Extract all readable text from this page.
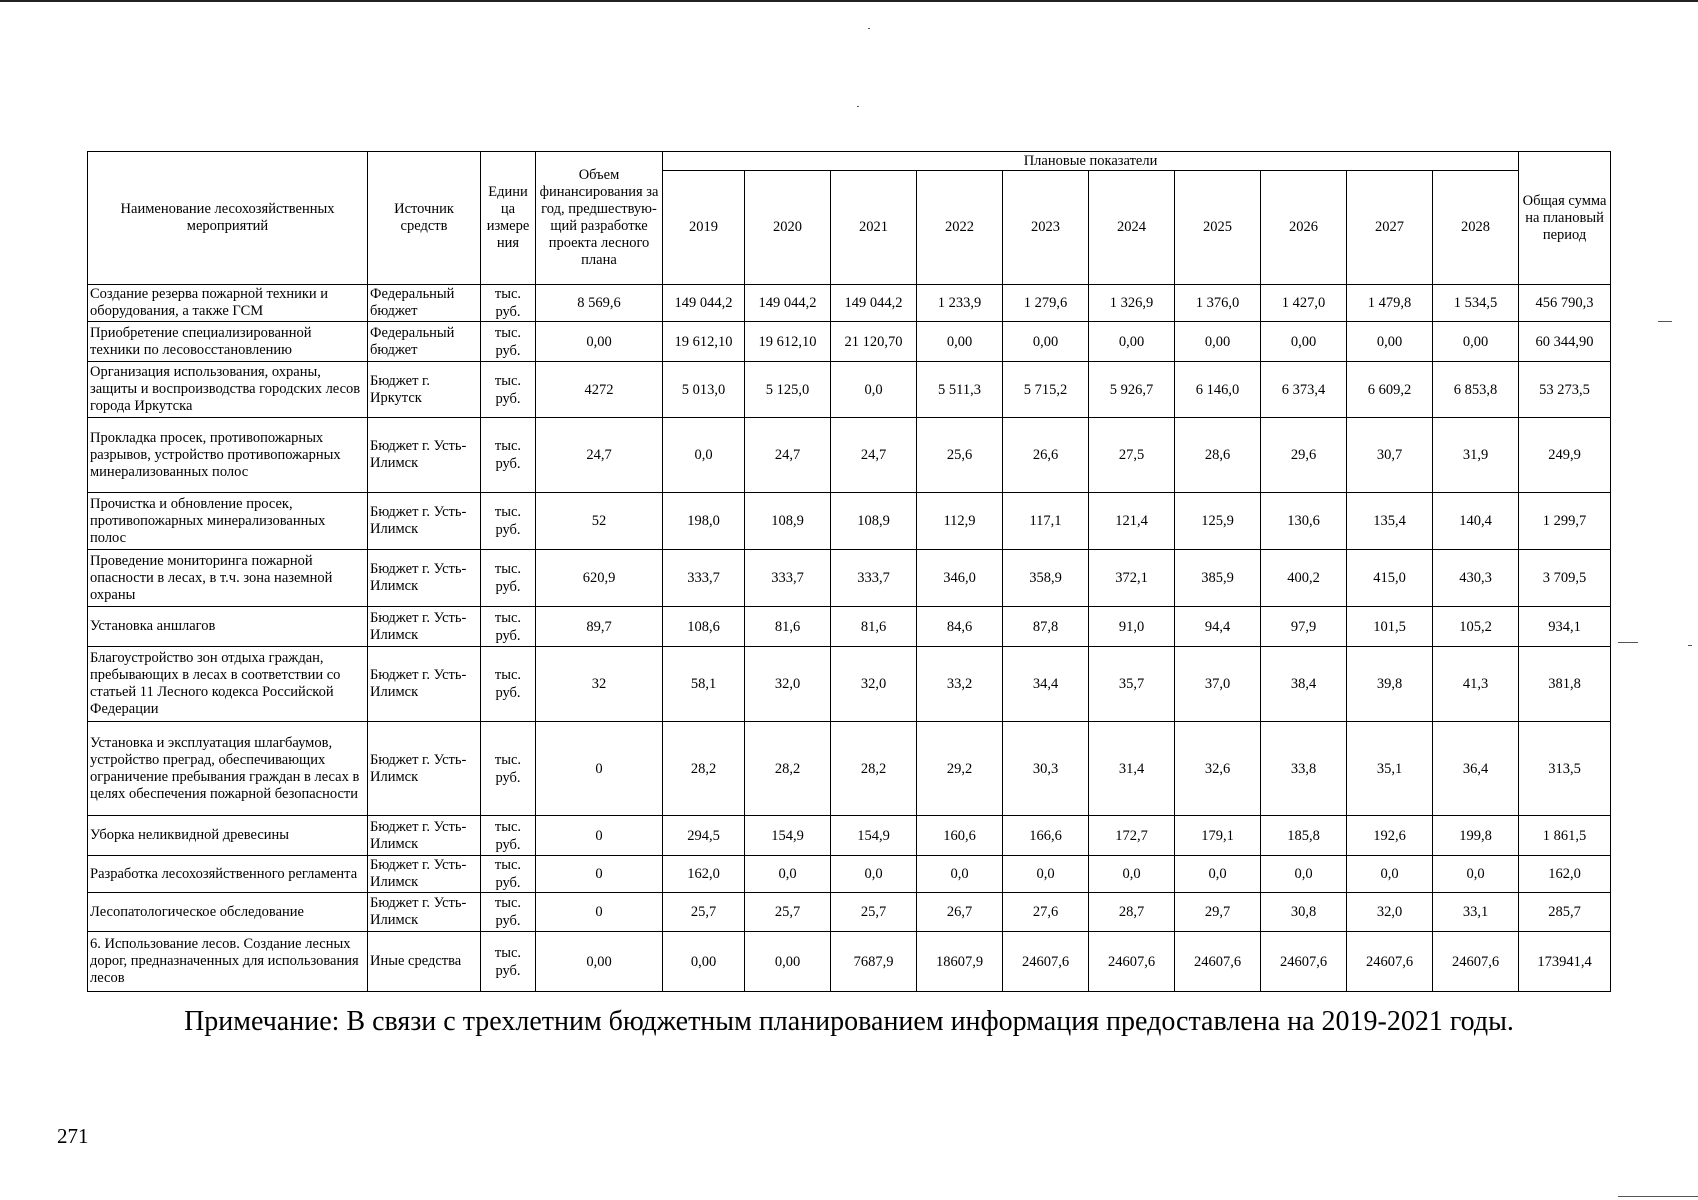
Наименование лесохозяйственных мероприятий	Источник средств	Едини ца измере ния	Объем финансирования за год, предшествую- щий разработке проекта лесного плана	Плановые показатели										Общая сумма на плановый период
				2019	2020	2021	2022	2023	2024	2025	2026	2027	2028	
Создание резерва пожарной техники и оборудования, а также ГСМ	Федеральный бюджет	тыс. руб.	8 569,6	149 044,2	149 044,2	149 044,2	1 233,9	1 279,6	1 326,9	1 376,0	1 427,0	1 479,8	1 534,5	456 790,3
Приобретение специализированной техники по лесовосстановлению	Федеральный бюджет	тыс. руб.	0,00	19 612,10	19 612,10	21 120,70	0,00	0,00	0,00	0,00	0,00	0,00	0,00	60 344,90
Организация использования, охраны, защиты и воспроизводства городских лесов города Иркутска	Бюджет г. Иркутск	тыс. руб.	4272	5 013,0	5 125,0	0,0	5 511,3	5 715,2	5 926,7	6 146,0	6 373,4	6 609,2	6 853,8	53 273,5
Прокладка просек, противопожарных разрывов, устройство противопожарных минерализованных полос	Бюджет г. Усть-Илимск	тыс. руб.	24,7	0,0	24,7	24,7	25,6	26,6	27,5	28,6	29,6	30,7	31,9	249,9
Прочистка и обновление просек, противопожарных минерализованных полос	Бюджет г. Усть-Илимск	тыс. руб.	52	198,0	108,9	108,9	112,9	117,1	121,4	125,9	130,6	135,4	140,4	1 299,7
Проведение мониторинга пожарной опасности в лесах, в т.ч. зона наземной охраны	Бюджет г. Усть-Илимск	тыс. руб.	620,9	333,7	333,7	333,7	346,0	358,9	372,1	385,9	400,2	415,0	430,3	3 709,5
Установка аншлагов	Бюджет г. Усть-Илимск	тыс. руб.	89,7	108,6	81,6	81,6	84,6	87,8	91,0	94,4	97,9	101,5	105,2	934,1
Благоустройство зон отдыха граждан, пребывающих в лесах в соответствии со статьей 11 Лесного кодекса Российской Федерации	Бюджет г. Усть-Илимск	тыс. руб.	32	58,1	32,0	32,0	33,2	34,4	35,7	37,0	38,4	39,8	41,3	381,8
Установка и эксплуатация шлагбаумов, устройство преград, обеспечивающих ограничение пребывания граждан в лесах в целях обеспечения пожарной безопасности	Бюджет г. Усть-Илимск	тыс. руб.	0	28,2	28,2	28,2	29,2	30,3	31,4	32,6	33,8	35,1	36,4	313,5
Уборка неликвидной древесины	Бюджет г. Усть-Илимск	тыс. руб.	0	294,5	154,9	154,9	160,6	166,6	172,7	179,1	185,8	192,6	199,8	1 861,5
Разработка лесохозяйственного регламента	Бюджет г. Усть-Илимск	тыс. руб.	0	162,0	0,0	0,0	0,0	0,0	0,0	0,0	0,0	0,0	0,0	162,0
Лесопатологическое обследование	Бюджет г. Усть-Илимск	тыс. руб.	0	25,7	25,7	25,7	26,7	27,6	28,7	29,7	30,8	32,0	33,1	285,7
6. Использование лесов. Создание лесных дорог, предназначенных для использования лесов	Иные средства	тыс. руб.	0,00	0,00	0,00	7687,9	18607,9	24607,6	24607,6	24607,6	24607,6	24607,6	24607,6	173941,4
Примечание: В связи с трехлетним бюджетным планированием информация предоставлена на 2019-2021 годы.
271
